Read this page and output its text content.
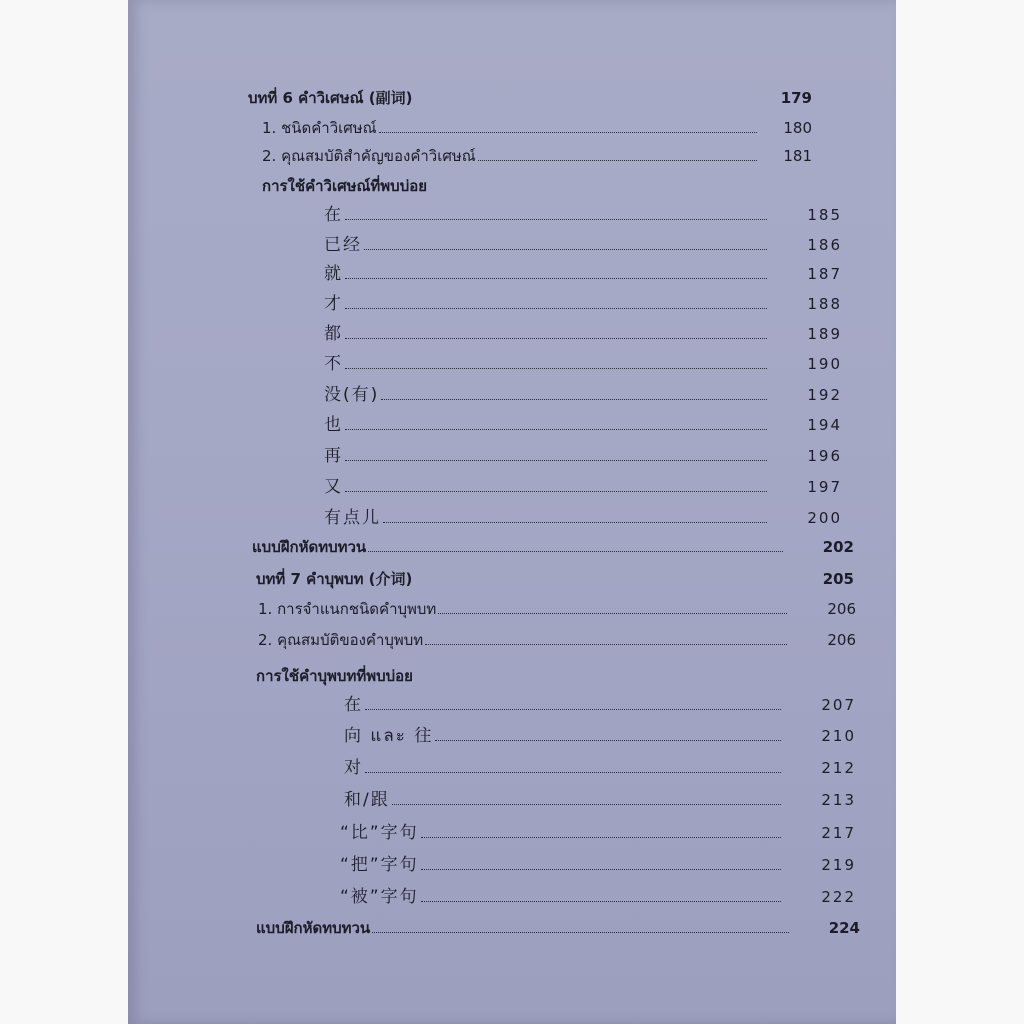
บทที่ 6 คำวิเศษณ์ (副词)	179
1. ชนิดคำวิเศษณ์	180
2. คุณสมบัติสำคัญของคำวิเศษณ์	181
การใช้คำวิเศษณ์ที่พบบ่อย
在	185
已经	186
就	187
才	188
都	189
不	190
没(有)	192
也	194
再	196
又	197
有点儿	200
แบบฝึกหัดทบทวน	202
บทที่ 7 คำบุพบท (介词)	205
1. การจำแนกชนิดคำบุพบท	206
2. คุณสมบัติของคำบุพบท	206
การใช้คำบุพบทที่พบบ่อย
在	207
向 และ 往	210
对	212
和/跟	213
“比”字句	217
“把”字句	219
“被”字句	222
แบบฝึกหัดทบทวน	224
